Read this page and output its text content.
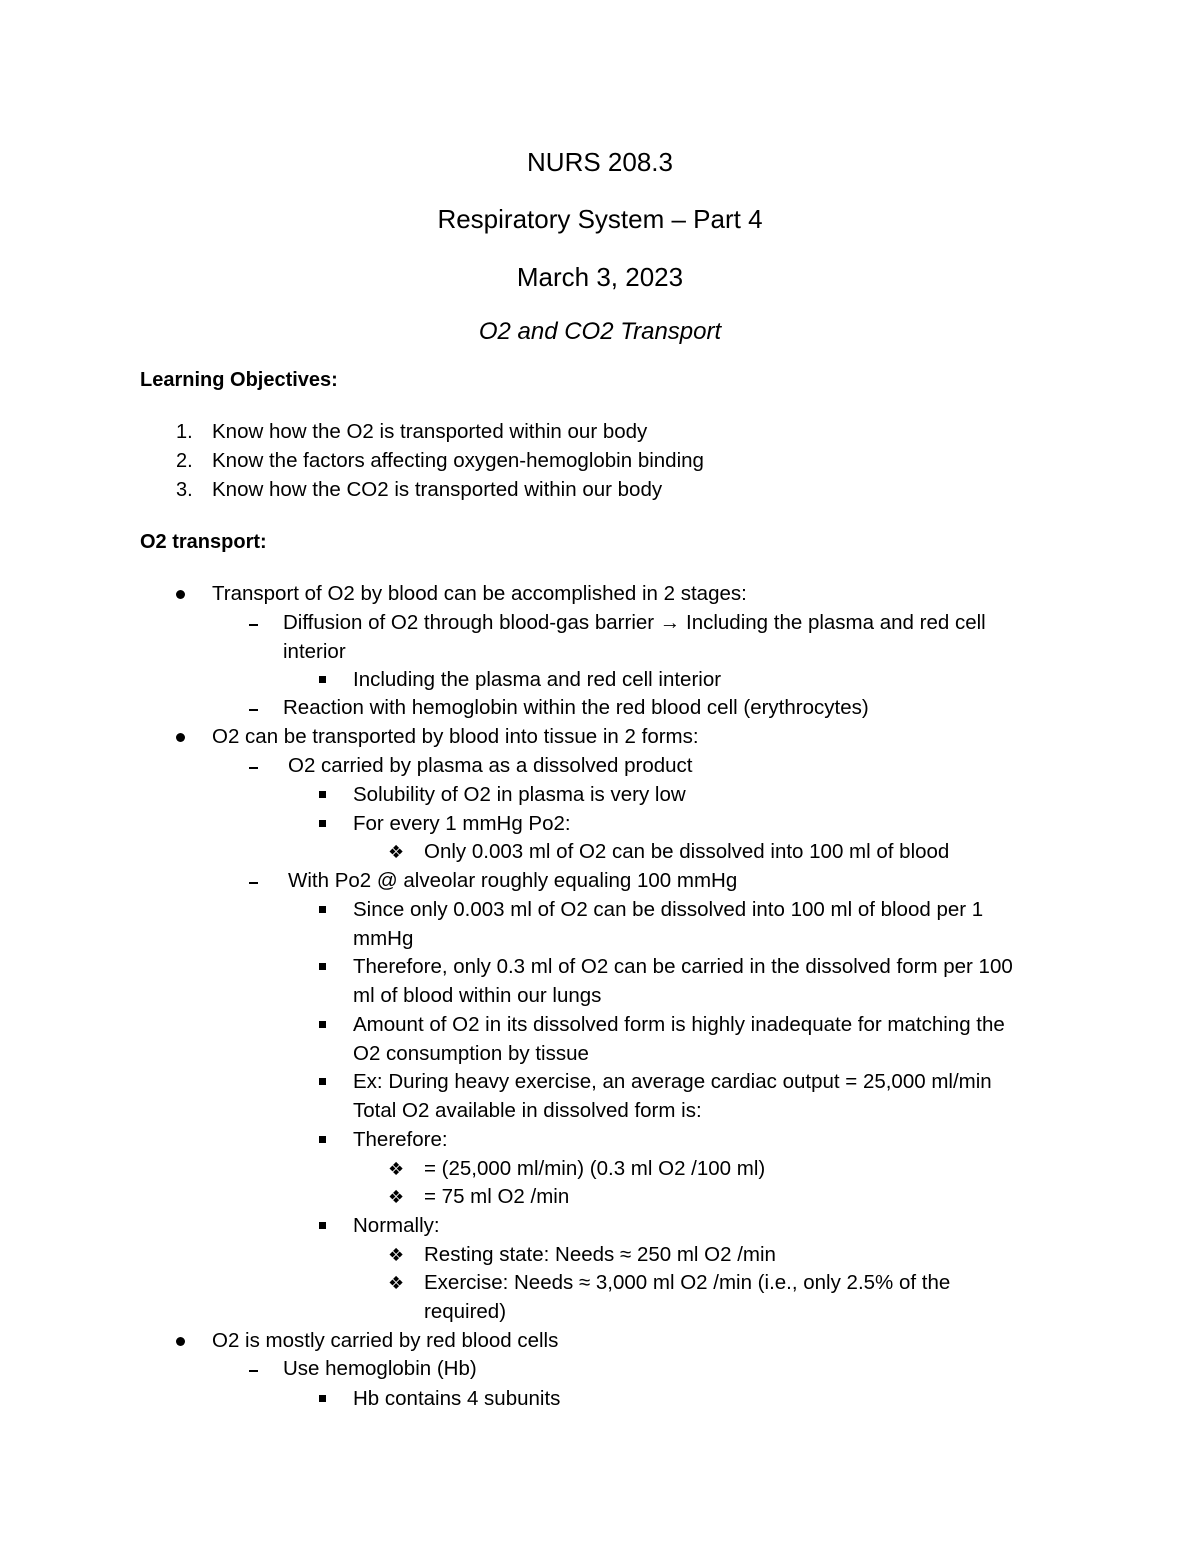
NURS 208.3
Respiratory System – Part 4
March 3, 2023
O2 and CO2 Transport
Learning Objectives:
1. Know how the O2 is transported within our body
2. Know the factors affecting oxygen-hemoglobin binding
3. Know how the CO2 is transported within our body
O2 transport:
Transport of O2 by blood can be accomplished in 2 stages:
Diffusion of O2 through blood-gas barrier → Including the plasma and red cell
interior
Including the plasma and red cell interior
Reaction with hemoglobin within the red blood cell (erythrocytes)
O2 can be transported by blood into tissue in 2 forms:
O2 carried by plasma as a dissolved product
Solubility of O2 in plasma is very low
For every 1 mmHg Po2:
❖ Only 0.003 ml of O2 can be dissolved into 100 ml of blood
With Po2 @ alveolar roughly equaling 100 mmHg
Since only 0.003 ml of O2 can be dissolved into 100 ml of blood per 1
mmHg
Therefore, only 0.3 ml of O2 can be carried in the dissolved form per 100
ml of blood within our lungs
Amount of O2 in its dissolved form is highly inadequate for matching the
O2 consumption by tissue
Ex: During heavy exercise, an average cardiac output = 25,000 ml/min
Total O2 available in dissolved form is:
Therefore:
❖ = (25,000 ml/min) (0.3 ml O2 /100 ml)
❖ = 75 ml O2 /min
Normally:
❖ Resting state: Needs ≈ 250 ml O2 /min
❖ Exercise: Needs ≈ 3,000 ml O2 /min (i.e., only 2.5% of the
required)
O2 is mostly carried by red blood cells
Use hemoglobin (Hb)
Hb contains 4 subunits
